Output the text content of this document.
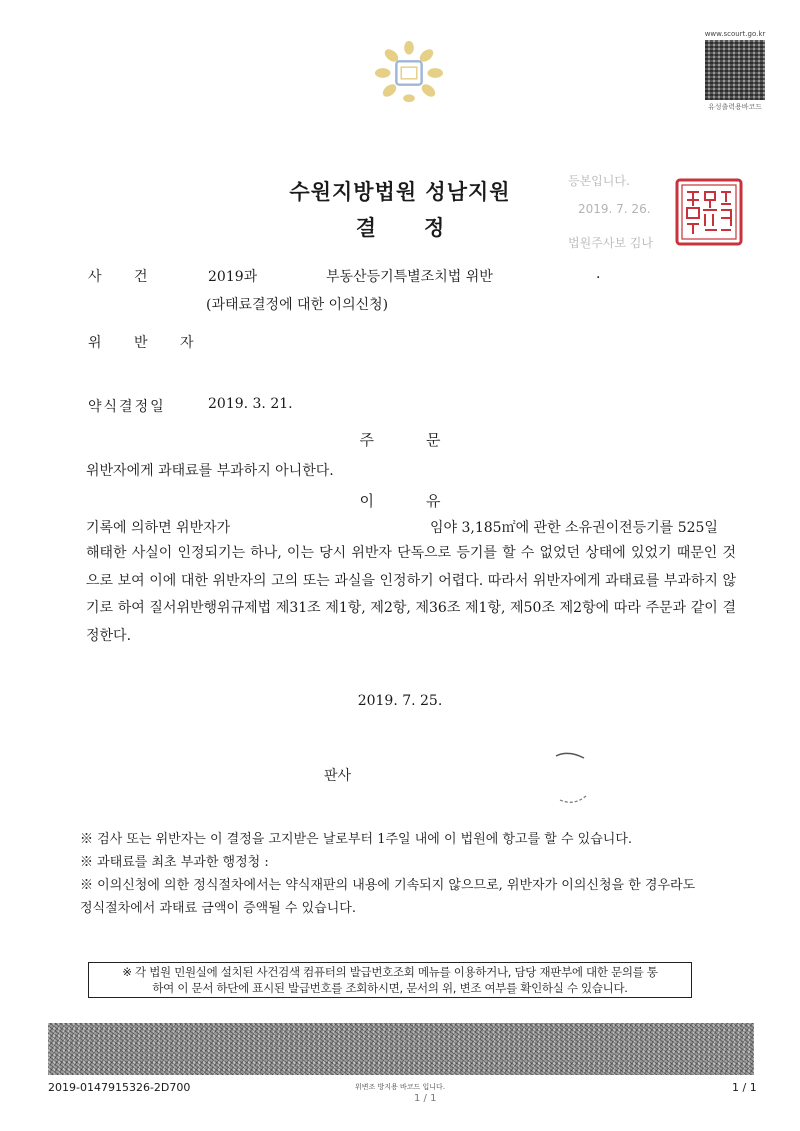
www.scourt.go.kr
유성출력용바코드
수원지방법원 성남지원
결정
등본입니다.
2019. 7. 26.
법원주사보 김나
사 건	2019과	부동산등기특별조치법 위반	.
(과태료결정에 대한 이의신청)
위 반 자
약식결정일	2019. 3. 21.
주문
위반자에게 과태료를 부과하지 아니한다.
이유
기록에 의하면 위반자가	임야 3,185㎡에 관한 소유권이전등기를 525일
해태한 사실이 인정되기는 하나, 이는 당시 위반자 단독으로 등기를 할 수 없었던 상태에 있었기 때문인 것으로 보여 이에 대한 위반자의 고의 또는 과실을 인정하기 어렵다. 따라서 위반자에게 과태료를 부과하지 않기로 하여 질서위반행위규제법 제31조 제1항, 제2항, 제36조 제1항, 제50조 제2항에 따라 주문과 같이 결정한다.
2019. 7. 25.
판사
※ 검사 또는 위반자는 이 결정을 고지받은 날로부터 1주일 내에 이 법원에 항고를 할 수 있습니다.
※ 과태료를 최초 부과한 행정청 :
※ 이의신청에 의한 정식절차에서는 약식재판의 내용에 기속되지 않으므로, 위반자가 이의신청을 한 경우라도
정식절차에서 과태료 금액이 증액될 수 있습니다.
※ 각 법원 민원실에 설치된 사건검색 컴퓨터의 발급번호조회 메뉴를 이용하거나, 담당 재판부에 대한 문의를 통
하여 이 문서 하단에 표시된 발급번호를 조회하시면, 문서의 위, 변조 여부를 확인하실 수 있습니다.
2019-0147915326-2D700	위변조 방지용 바코드 입니다.
1 / 1
1 / 1
